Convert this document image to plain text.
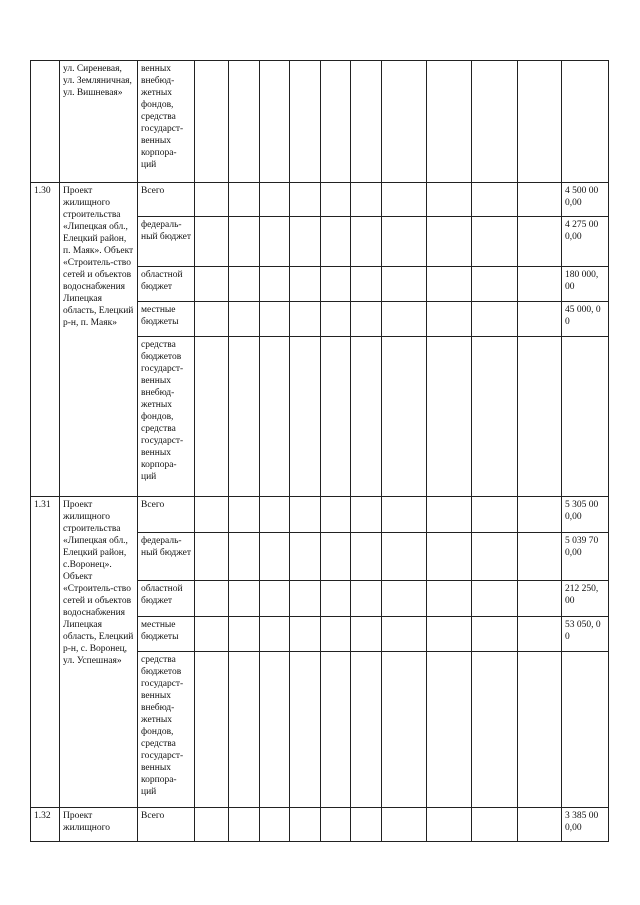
	ул. Сиреневая, ул. Земляничная, ул. Вишневая»	венных внебюд-жетных фондов, средства государст-венных корпора-ций											
1.30	Проект жилищного строительства «Липецкая обл., Елецкий район, п. Маяк». Объект «Строитель-ство сетей и объектов водоснабжения Липецкая область, Елецкий р-н, п. Маяк»	Всего											4 500 000,00
		федераль-ный бюджет											4 275 000,00
		областной бюджет											180 000, 00
		местные бюджеты											45 000, 00
		средства бюджетов государст-венных внебюд-жетных фондов, средства государст-венных корпора-ций											
1.31	Проект жилищного строительства «Липецкая обл., Елецкий район, с.Воронец». Объект «Строитель-ство сетей и объектов водоснабжения Липецкая область, Елецкий р-н, с. Воронец, ул. Успешная»	Всего											5 305 000,00
		федераль-ный бюджет											5 039 700,00
		областной бюджет											212 250, 00
		местные бюджеты											53 050, 00
		средства бюджетов государст-венных внебюд-жетных фондов, средства государст-венных корпора-ций											
1.32	Проект жилищного	Всего											3 385 000,00
